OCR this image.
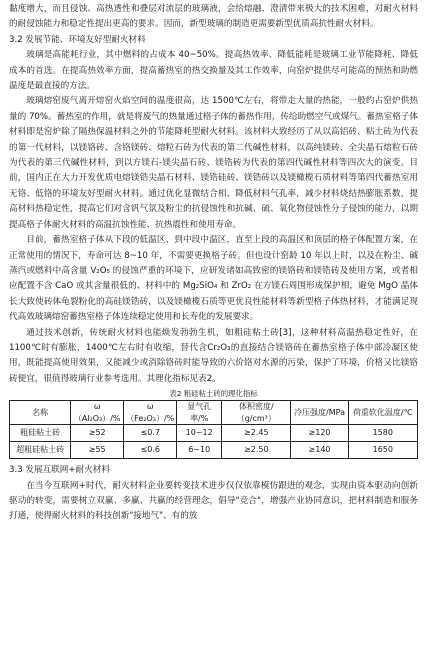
黏度增大，而且侵蚀、高热透性和叠层对流层的玻璃液，会给熔融、澄清带来极大的技术困难，对耐火材料的耐侵蚀能力和稳定性提出更高的要求。因而，新型玻璃的制造更需要新型优质高抗性耐火材料。

3.2 发展节能、环境友好型耐火材料

玻璃是高能耗行业，其中燃料的占成本 40~50%。提高热效率、降低能耗是玻璃工业节能降耗、降低成本的首选。在提高热效率方面，提高蓄热室的热交换量及其工作效率，向窑炉提供尽可能高的预热和助燃温度是最直接的方法。

玻璃熔窑废气离开熔窑火焰空间的温度很高，达 1500℃左右，将带走大量的热能，一般约占窑炉供热量的 70%。蓄热室的作用，就是将废气的热量通过格子体的蓄热作用，传给助燃空气或煤气。蓄热室格子体材料即是窑炉除了隔热保温材料之外的节能降耗型耐火材料。该材料大致经历了从以高铝砖、粘土砖为代表的第一代材料，以镁铬砖、含铬镁砖、熔粒石砖为代表的第二代碱性材料，以高纯镁砖、全尖晶石熔粒石砖为代表的第三代碱性材料，到以方镁石-镁尖晶石砖、镁锆砖为代表的第四代碱性材料等四次大的演变。目前，国内正在大力开发优质电熔镁锆尖晶石材料、镁锆硅砖、镁锆砖以及镁橄榄石质材料等第四代蓄热室用无铬、低铬的环境友好型耐火材料。通过优化显微结合相、降低材料气孔率，减少材料烧结热膨胀系数，提高材料热稳定性，提高它们对含钒气氛及粉尘的抗侵蚀性和抗碱、硫、氧化物侵蚀性分子侵蚀的能力，以期提高格子体耐火材料的高温抗蚀性能、抗热震性和使用寿命。

目前，蓄热室格子体从下段的低温区、到中段中温区，直至上段的高温区和顶层的格子体配置方案，在正常使用的情况下，寿命可达 8~10 年，不需要更换格子砖。但也设计窑龄 10 年以上时，以及在粉尘、碱蒸汽或燃料中高含量 V₂O₅ 的侵蚀严重的环境下，应研发诸如高致密的镁铬砖和镁锆砖及使用方案，或者相应配置不含 CaO 或其含量很低的、材料中的 Mg₂SiO₄ 和 ZrO₂ 在方镁石周围形成保护相，避免 MgO 晶体长大致使砖体龟裂粉化的高硅镁锆砖，以及镁橄榄石质等更优良性能材料等新型格子体热材料，才能满足现代高效玻璃熔窑蓄热室格子体连续稳定使用和长寿化的发展要求。

通过技术创新，传统耐火材料也能焕发勃勃生机，如粗硅粘土砖[3]，这种材料高温热稳定性好，在1100℃时有膨胀，1400℃左右时有收缩，替代含Cr₂O₃的直接结合镁铬砖在蓄热室格子体中部冷凝区使用，既能提高使用效果，又能减少或消除铬砖时能导致的六价铬对水源的污染，保护了环境，价格又比镁铬砖便宜，很值得玻璃行业参考选用。其理化指标见表2。

表2 粗硅粘土砖的理化指标
名称	ω（Al₂O₃）/%	ω（Fe₂O₃）/%	显气孔率/%	体积密度/（g/cm³）	冷压强度/MPa	荷重软化温度/℃
粗硅粘土砖	≥52	≤0.7	10~12	≥2.45	≥120	1580
超粗硅粘土砖	≥55	≤0.6	6~10	≥2.50	≥140	1650

3.3 发展互联网+耐火材料

在当今互联网+时代，耐火材料企业要转变技术进步仅仅依靠模仿跟进的观念，实现由资本驱动向创新驱动的转变，需要树立双赢、多赢、共赢的经营理念，倡导"竞合"，增强产业协同意识，把材料制造和服务打通，使得耐火材料的科技创新"接地气"、有的放
